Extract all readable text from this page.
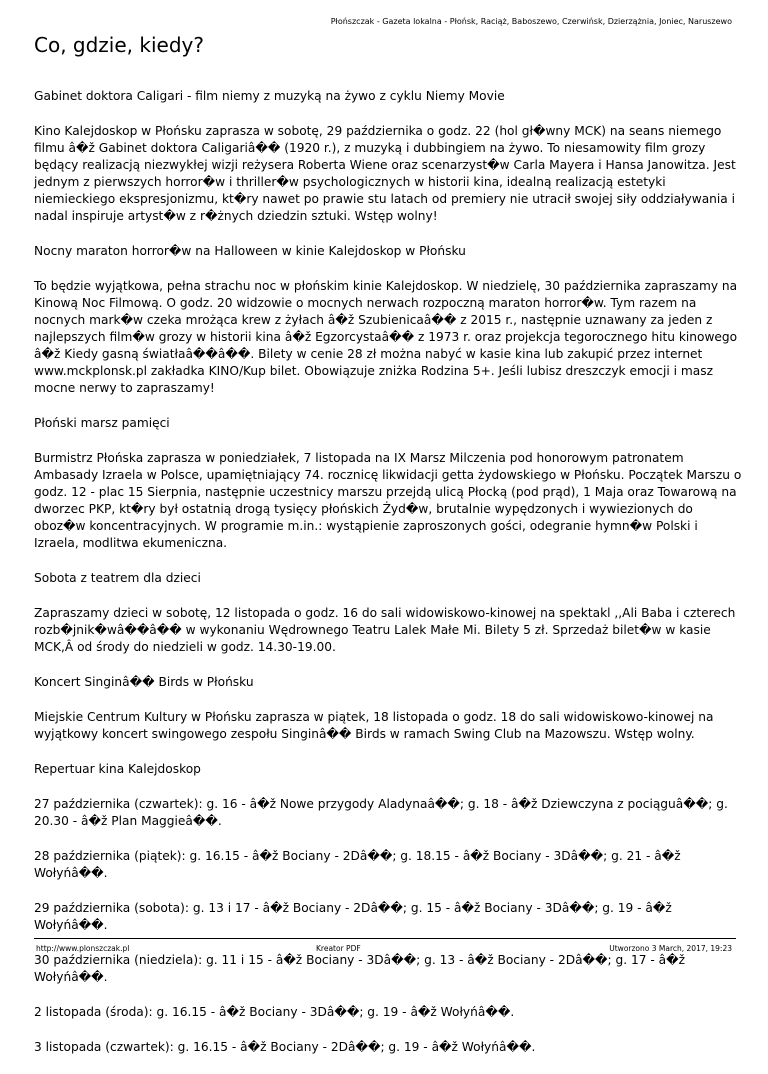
Płońszczak - Gazeta lokalna - Płońsk, Raciąż, Baboszewo, Czerwińsk, Dzierzążnia, Joniec, Naruszewo
Co, gdzie, kiedy?

Gabinet doktora Caligari - film niemy z muzyką na żywo z cyklu Niemy Movie

Kino Kalejdoskop w Płońsku zaprasza w sobotę, 29 października o godz. 22 (hol gł�wny MCK) na seans niemego filmu â�ž Gabinet doktora Caligariâ�� (1920 r.), z muzyką i dubbingiem na żywo. To niesamowity film grozy będący realizacją niezwykłej wizji reżysera Roberta Wiene oraz scenarzyst�w Carla Mayera i Hansa Janowitza. Jest jednym z pierwszych horror�w i thriller�w psychologicznych w historii kina, idealną realizacją estetyki niemieckiego ekspresjonizmu, kt�ry nawet po prawie stu latach od premiery nie utracił swojej siły oddziaływania i nadal inspiruje artyst�w z r�żnych dziedzin sztuki. Wstęp wolny!

Nocny maraton horror�w na Halloween w kinie Kalejdoskop w Płońsku

To będzie wyjątkowa, pełna strachu noc w płońskim kinie Kalejdoskop. W niedzielę, 30 października zapraszamy na Kinową Noc Filmową. O godz. 20 widzowie o mocnych nerwach rozpoczną maraton horror�w. Tym razem na nocnych mark�w czeka mrożąca krew z żyłach â�ž Szubienicaâ�� z 2015 r., następnie uznawany za jeden z najlepszych film�w grozy w historii kina â�ž Egzorcystaâ�� z 1973 r. oraz projekcja tegorocznego hitu kinowego â�ž Kiedy gasną światłaâ��â��. Bilety w cenie 28 zł można nabyć w kasie kina lub zakupić przez internet www.mckplonsk.pl zakładka KINO/Kup bilet. Obowiązuje zniżka Rodzina 5+. Jeśli lubisz dreszczyk emocji i masz mocne nerwy to zapraszamy!

Płoński marsz pamięci

Burmistrz Płońska zaprasza w poniedziałek, 7 listopada na IX Marsz Milczenia pod honorowym patronatem Ambasady Izraela w Polsce, upamiętniający 74. rocznicę likwidacji getta żydowskiego w Płońsku. Początek Marszu o godz. 12 - plac 15 Sierpnia, następnie uczestnicy marszu przejdą ulicą Płocką (pod prąd), 1 Maja oraz Towarową na dworzec PKP, kt�ry był ostatnią drogą tysięcy płońskich Żyd�w, brutalnie wypędzonych i wywiezionych do oboz�w koncentracyjnych. W programie m.in.: wystąpienie zaproszonych gości, odegranie hymn�w Polski i Izraela, modlitwa ekumeniczna.

Sobota z teatrem dla dzieci

Zapraszamy dzieci w sobotę, 12 listopada o godz. 16 do sali widowiskowo-kinowej na spektakl ,,Ali Baba i czterech rozb�jnik�wâ��â�� w wykonaniu Wędrownego Teatru Lalek Małe Mi. Bilety 5 zł. Sprzedaż bilet�w w kasie MCK,Â od środy do niedzieli w godz. 14.30-19.00.

Koncert Singinâ�� Birds w Płońsku

Miejskie Centrum Kultury w Płońsku zaprasza w piątek, 18 listopada o godz. 18 do sali widowiskowo-kinowej na wyjątkowy koncert swingowego zespołu Singinâ�� Birds w ramach Swing Club na Mazowszu. Wstęp wolny.

Repertuar kina Kalejdoskop

27 października (czwartek): g. 16 - â�ž Nowe przygody Aladynaâ��; g. 18 - â�ž Dziewczyna z pociąguâ��; g. 20.30 - â�ž Plan Maggieâ��.

28 października (piątek): g. 16.15 - â�ž Bociany - 2Dâ��; g. 18.15 - â�ž Bociany - 3Dâ��; g. 21 - â�ž Wołyńâ��.

29 października (sobota): g. 13 i 17 - â�ž Bociany - 2Dâ��; g. 15 - â�ž Bociany - 3Dâ��; g. 19 - â�ž Wołyńâ��.

30 października (niedziela): g. 11 i 15 - â�ž Bociany - 3Dâ��; g. 13 - â�ž Bociany - 2Dâ��; g. 17 - â�ž Wołyńâ��.

2 listopada (środa): g. 16.15 - â�ž Bociany - 3Dâ��; g. 19 - â�ž Wołyńâ��.

3 listopada (czwartek): g. 16.15 - â�ž Bociany - 2Dâ��; g. 19 - â�ž Wołyńâ��.

http://www.plonszczak.pl	Kreator PDF	Utworzono 3 March, 2017, 19:23
